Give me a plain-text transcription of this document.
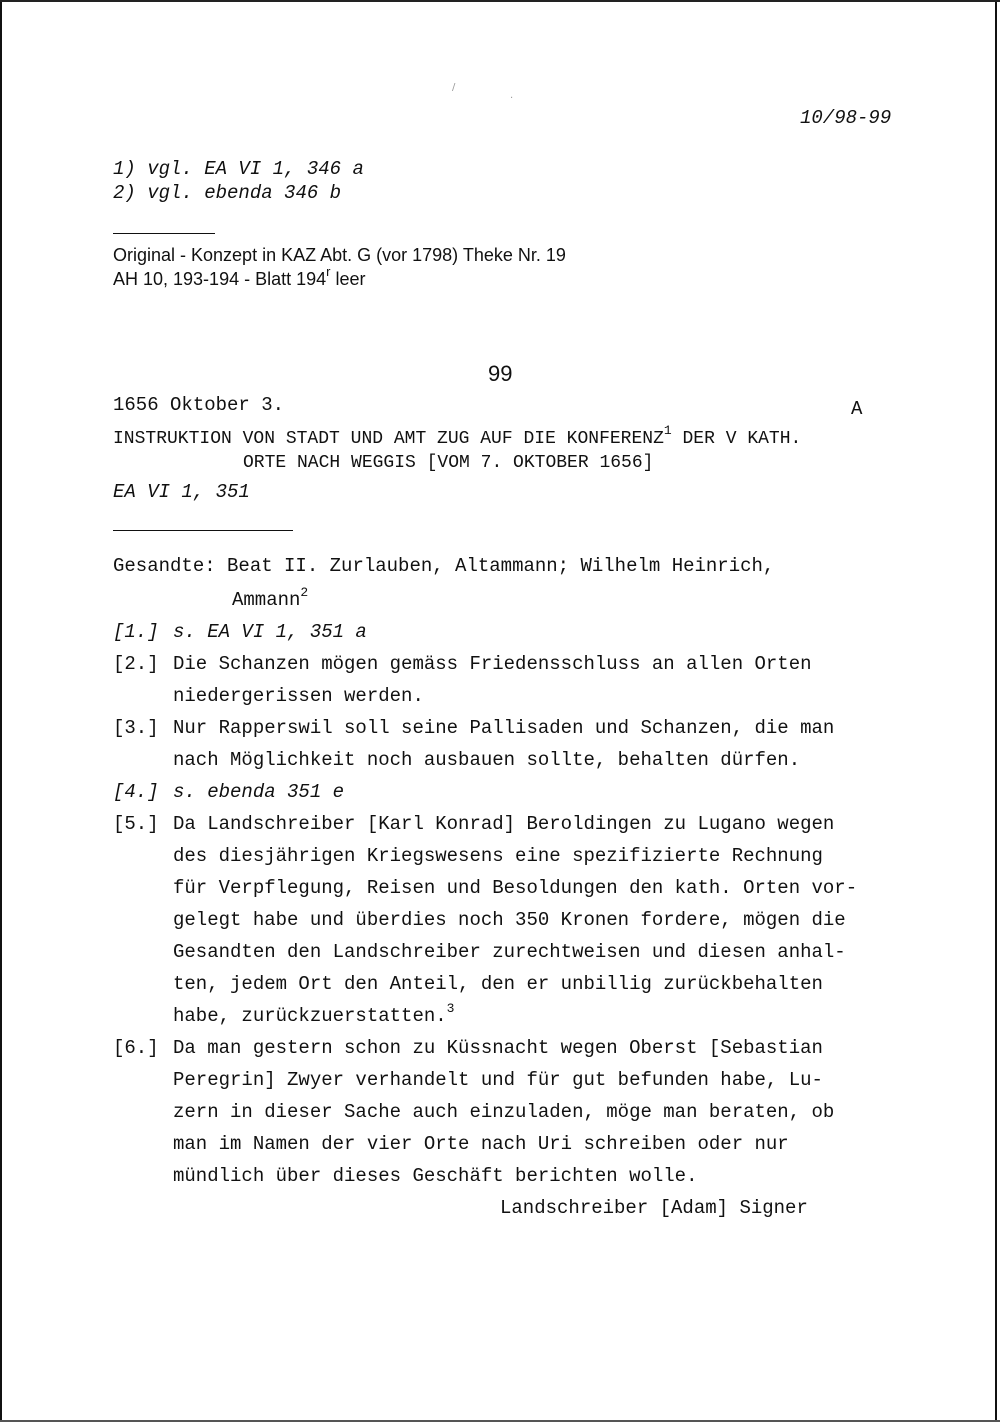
/
.
10/98-99
1) vgl. EA VI 1, 346 a
2) vgl. ebenda 346 b
Original - Konzept in KAZ Abt. G (vor 1798) Theke Nr. 19
AH 10, 193-194 - Blatt 194$^r$ leer
99
1656 Oktober 3.	A
INSTRUKTION VON STADT UND AMT ZUG AUF DIE KONFERENZ$^1$ DER V KATH.
ORTE NACH WEGGIS [VOM 7. OKTOBER 1656]
EA VI 1, 351
Gesandte: Beat II. Zurlauben, Altammann; Wilhelm Heinrich,
Ammann$^2$
[1.] s. EA VI 1, 351 a
[2.] Die Schanzen mögen gemäss Friedensschluss an allen Orten
niedergerissen werden.
[3.] Nur Rapperswil soll seine Pallisaden und Schanzen, die man
nach Möglichkeit noch ausbauen sollte, behalten dürfen.
[4.] s. ebenda 351 e
[5.] Da Landschreiber [Karl Konrad] Beroldingen zu Lugano wegen
des diesjährigen Kriegswesens eine spezifizierte Rechnung
für Verpflegung, Reisen und Besoldungen den kath. Orten vor-
gelegt habe und überdies noch 350 Kronen fordere, mögen die
Gesandten den Landschreiber zurechtweisen und diesen anhal-
ten, jedem Ort den Anteil, den er unbillig zurückbehalten
habe, zurückzuerstatten.$^3$
[6.] Da man gestern schon zu Küssnacht wegen Oberst [Sebastian
Peregrin] Zwyer verhandelt und für gut befunden habe, Lu-
zern in dieser Sache auch einzuladen, möge man beraten, ob
man im Namen der vier Orte nach Uri schreiben oder nur
mündlich über dieses Geschäft berichten wolle.
Landschreiber [Adam] Signer
